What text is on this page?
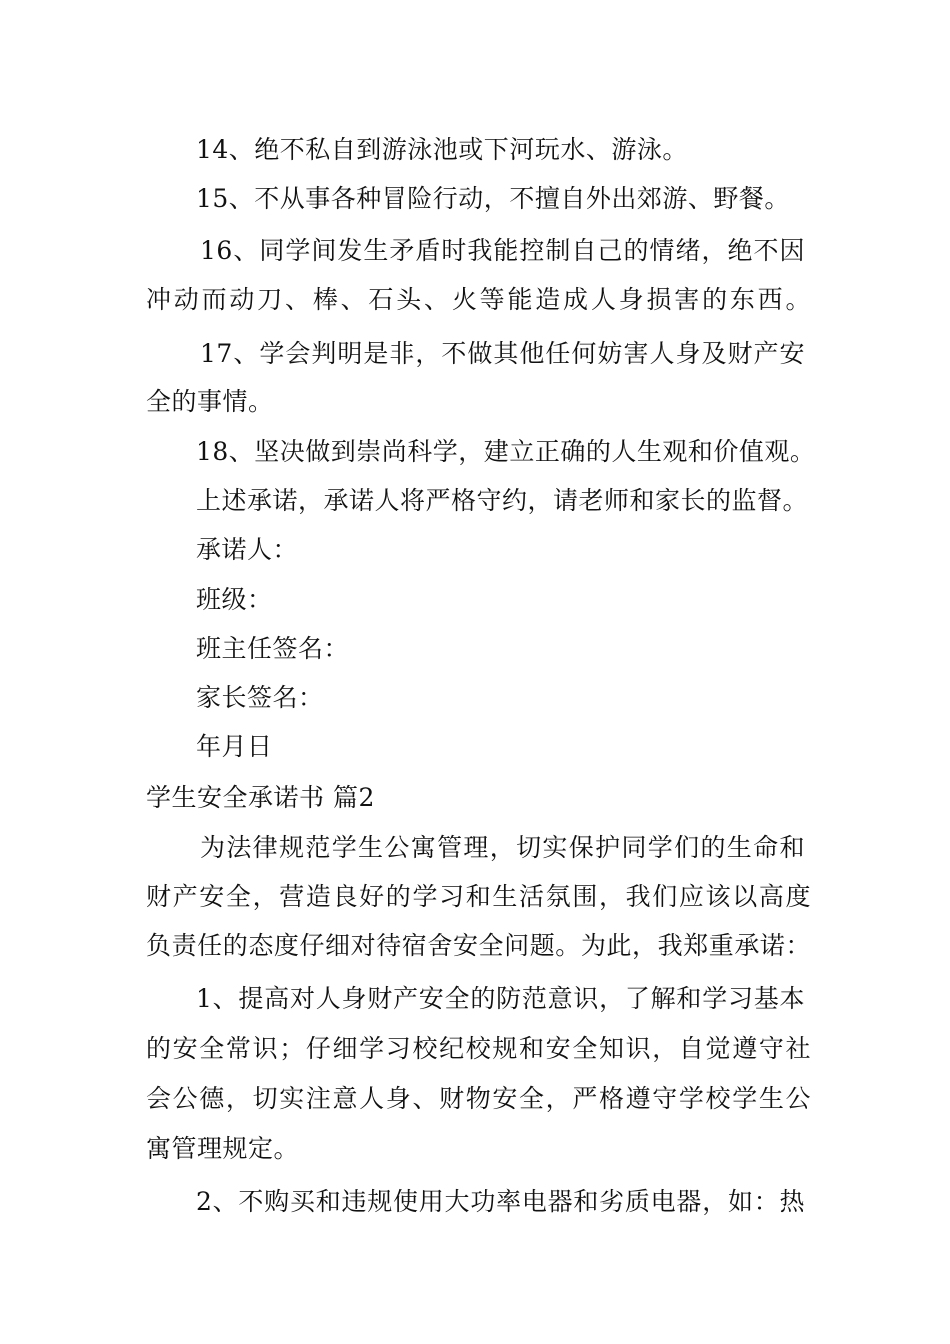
14、绝不私自到游泳池或下河玩水、游泳。
15、不从事各种冒险行动，不擅自外出郊游、野餐。
16、同学间发生矛盾时我能控制自己的情绪，绝不因
冲动而动刀、棒、石头、火等能造成人身损害的东西。
17、学会判明是非，不做其他任何妨害人身及财产安
全的事情。
18、坚决做到崇尚科学，建立正确的人生观和价值观。
上述承诺，承诺人将严格守约，请老师和家长的监督。
承诺人：
班级：
班主任签名：
家长签名：
年月日
学生安全承诺书 篇2
为法律规范学生公寓管理，切实保护同学们的生命和
财产安全，营造良好的学习和生活氛围，我们应该以高度
负责任的态度仔细对待宿舍安全问题。为此，我郑重承诺：
1、提高对人身财产安全的防范意识，了解和学习基本
的安全常识；仔细学习校纪校规和安全知识，自觉遵守社
会公德，切实注意人身、财物安全，严格遵守学校学生公
寓管理规定。
2、不购买和违规使用大功率电器和劣质电器，如：热
